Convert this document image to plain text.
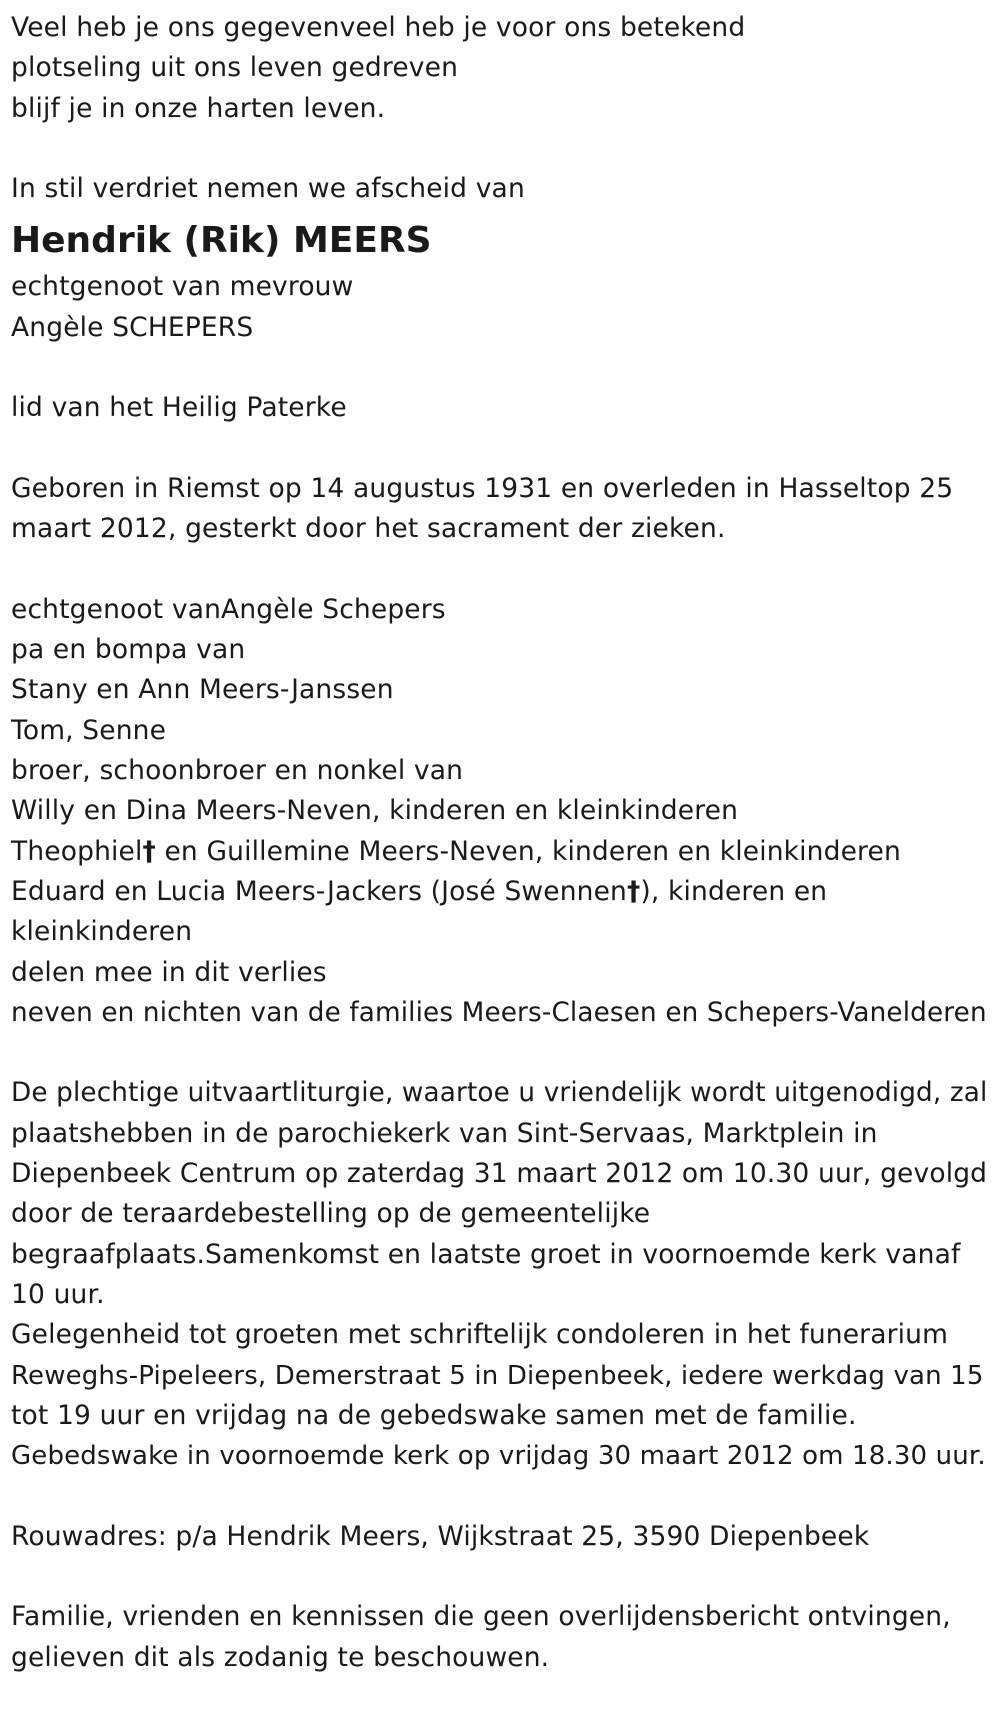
Veel heb je ons gegevenveel heb je voor ons betekend
plotseling uit ons leven gedreven
blijf je in onze harten leven.
In stil verdriet nemen we afscheid van
Hendrik (Rik) MEERS
echtgenoot van mevrouw
Angèle SCHEPERS
lid van het Heilig Paterke
Geboren in Riemst op 14 augustus 1931 en overleden in Hasseltop 25
maart 2012, gesterkt door het sacrament der zieken.
echtgenoot vanAngèle Schepers
pa en bompa van
Stany en Ann Meers-Janssen
Tom, Senne
broer, schoonbroer en nonkel van
Willy en Dina Meers-Neven, kinderen en kleinkinderen
Theophiel† en Guillemine Meers-Neven, kinderen en kleinkinderen
Eduard en Lucia Meers-Jackers (José Swennen†), kinderen en
kleinkinderen
delen mee in dit verlies
neven en nichten van de families Meers-Claesen en Schepers-Vanelderen
De plechtige uitvaartliturgie, waartoe u vriendelijk wordt uitgenodigd, zal
plaatshebben in de parochiekerk van Sint-Servaas, Marktplein in
Diepenbeek Centrum op zaterdag 31 maart 2012 om 10.30 uur, gevolgd
door de teraardebestelling op de gemeentelijke
begraafplaats.Samenkomst en laatste groet in voornoemde kerk vanaf
10 uur.
Gelegenheid tot groeten met schriftelijk condoleren in het funerarium
Reweghs-Pipeleers, Demerstraat 5 in Diepenbeek, iedere werkdag van 15
tot 19 uur en vrijdag na de gebedswake samen met de familie.
Gebedswake in voornoemde kerk op vrijdag 30 maart 2012 om 18.30 uur.
Rouwadres: p/a Hendrik Meers, Wijkstraat 25, 3590 Diepenbeek
Familie, vrienden en kennissen die geen overlijdensbericht ontvingen,
gelieven dit als zodanig te beschouwen.
